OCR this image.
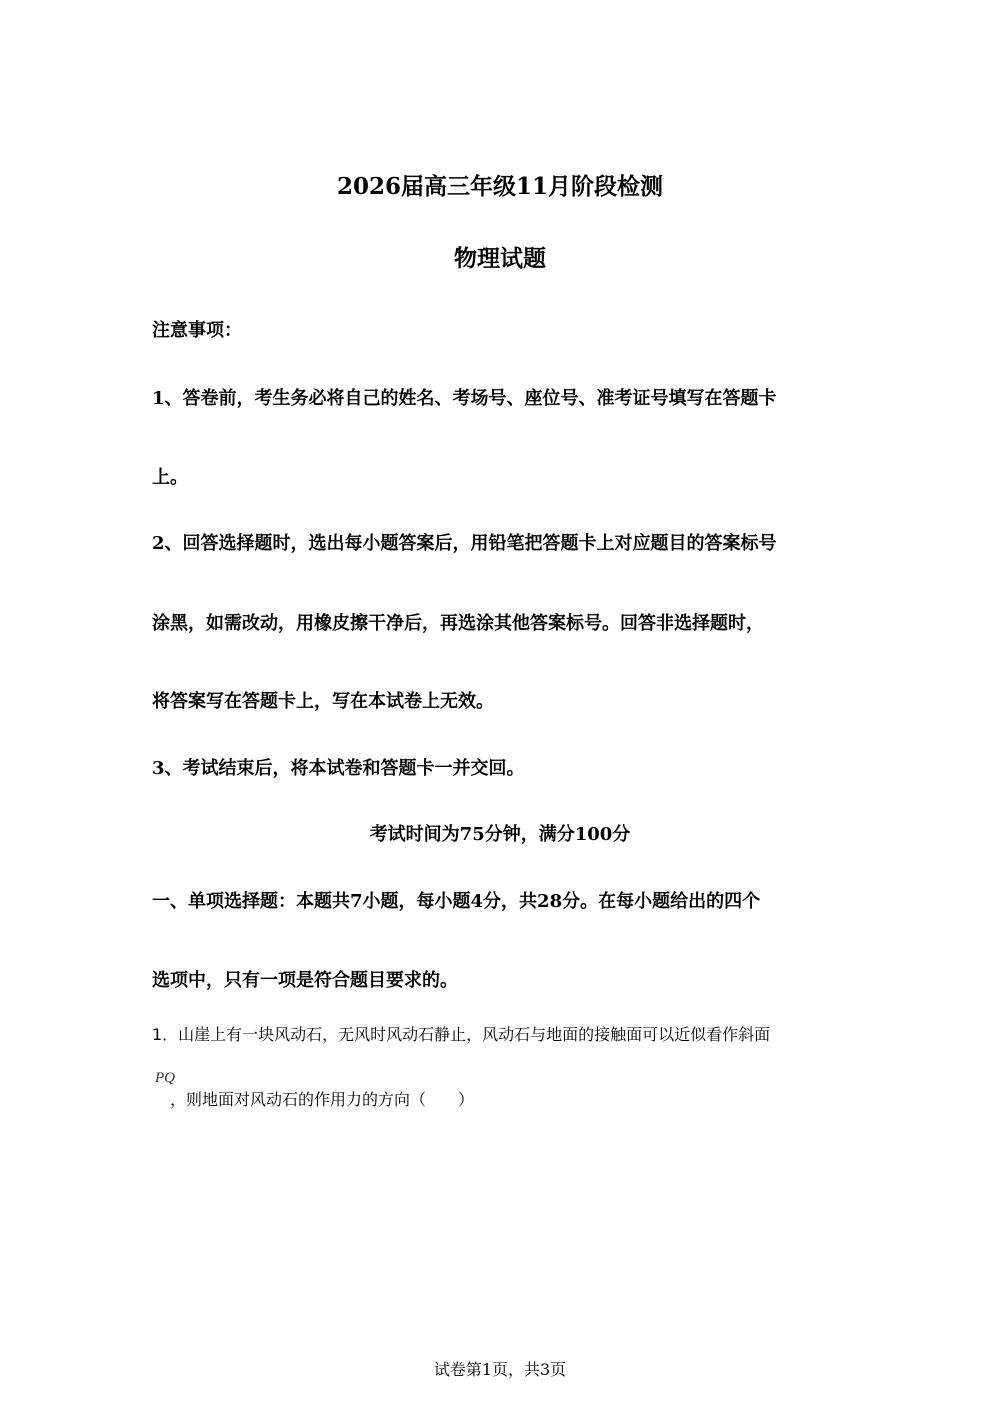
2026届高三年级11月阶段检测
物理试题
注意事项：
1、答卷前，考生务必将自己的姓名、考场号、座位号、准考证号填写在答题卡
上。
2、回答选择题时，选出每小题答案后，用铅笔把答题卡上对应题目的答案标号
涂黑，如需改动，用橡皮擦干净后，再选涂其他答案标号。回答非选择题时，
将答案写在答题卡上，写在本试卷上无效。
3、考试结束后，将本试卷和答题卡一并交回。
考试时间为75分钟，满分100分
一、单项选择题：本题共7小题，每小题4分，共28分。在每小题给出的四个
选项中，只有一项是符合题目要求的。
1．山崖上有一块风动石，无风时风动石静止，风动石与地面的接触面可以近似看作斜面
PQ
，则地面对风动石的作用力的方向（　　）
试卷第1页，共3页
